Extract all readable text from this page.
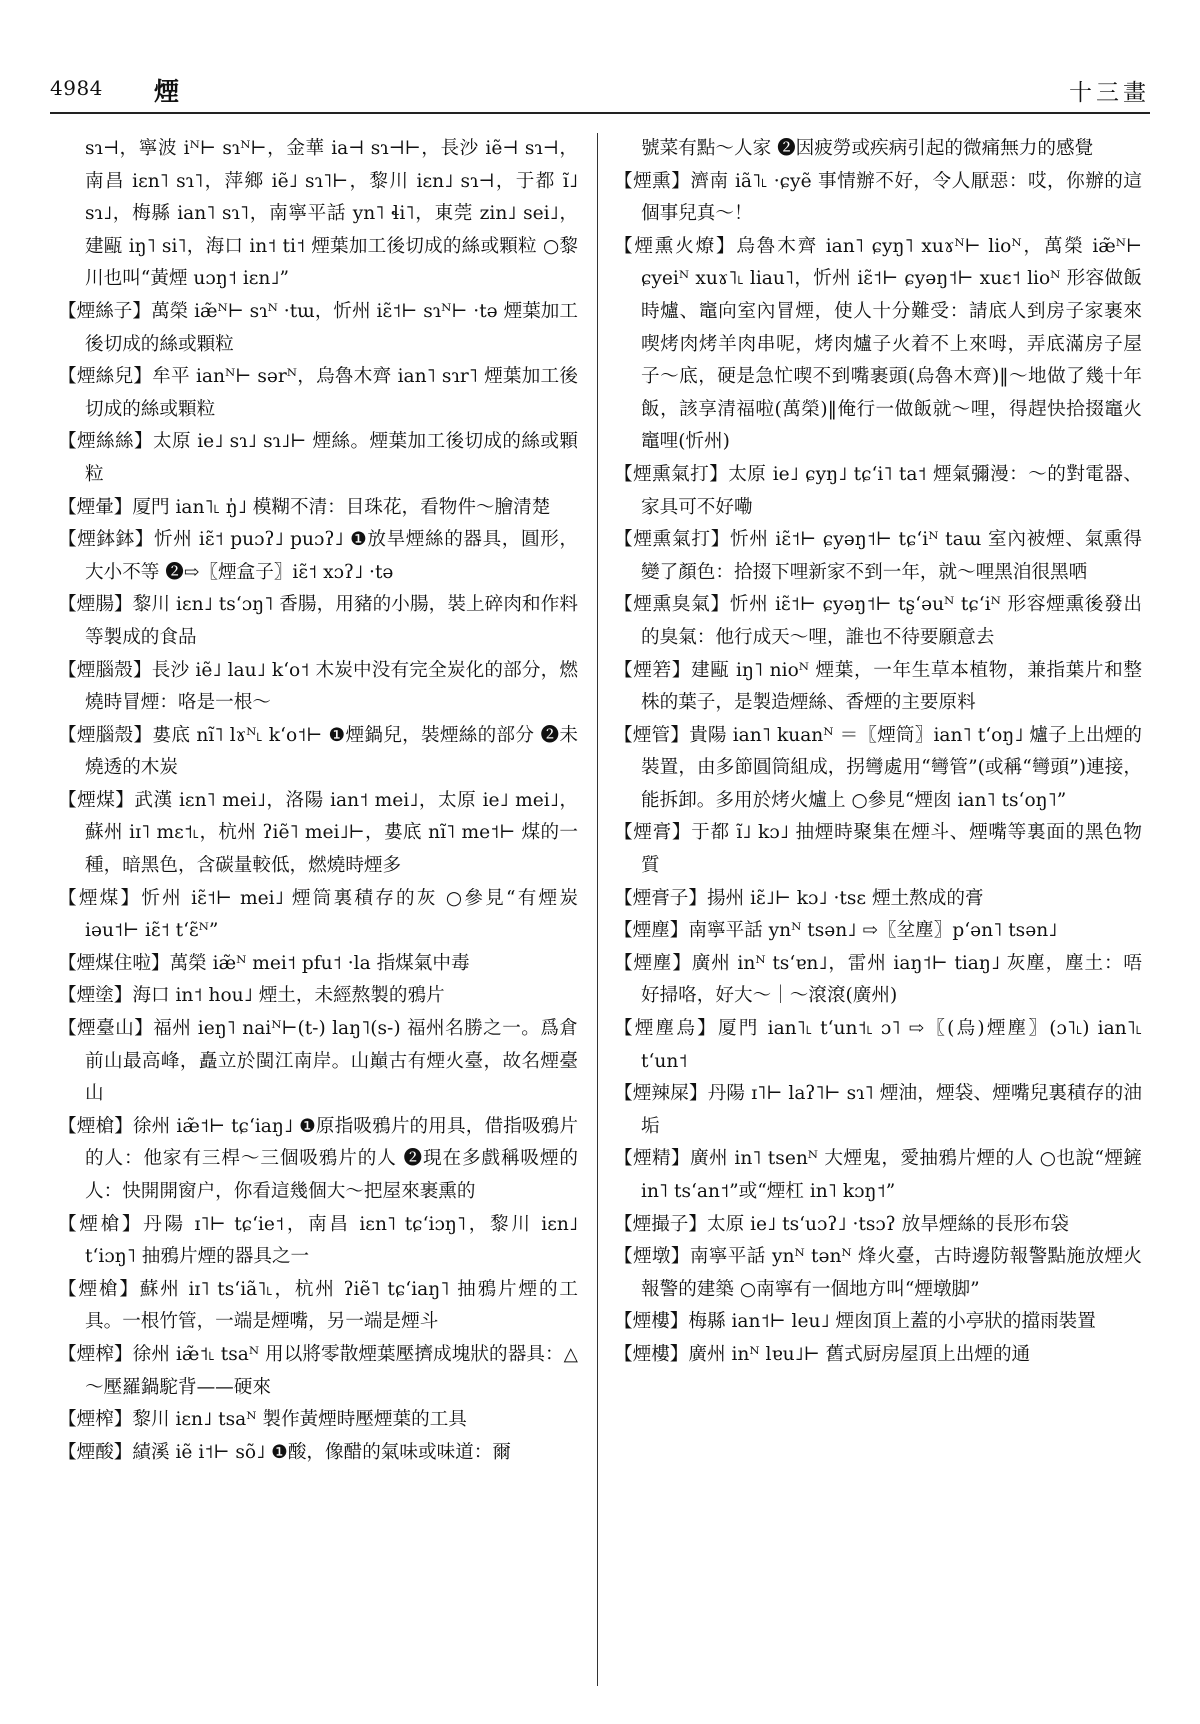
4984 煙	十三畫
sɿ⊣，寧波 iᴺ⊢ sɿᴺ⊢，金華 ia⊣ sɿ⊣⊢，長沙 iẽ⊣ sɿ⊣，南昌 iɛn˥ sɿ˥，萍鄉 iẽ˩ sɿ˥⊢，黎川 iɛn˩ sɿ⊣，于都 ĩ˩ sɿ˩，梅縣 ian˥ sɿ˥，南寧平話 yn˥ ɬi˥，東莞 zin˩ sei˩，建甌 iŋ˥ si˥，海口 in˦ ti˦ 煙葉加工後切成的絲或顆粒 ○黎川也叫“黃煙 uɔŋ˦ iɛn˩”
【煙絲子】萬榮 iæ̃ᴺ⊢ sɿᴺ ·tɯ，忻州 iɛ̃˦⊢ sɿᴺ⊢ ·tə 煙葉加工後切成的絲或顆粒
【煙絲兒】牟平 ianᴺ⊢ sərᴺ，烏魯木齊 ian˥ sɿr˥ 煙葉加工後切成的絲或顆粒
【煙絲絲】太原 ie˩ sɿ˩ sɿ˩⊢ 煙絲。煙葉加工後切成的絲或顆粒
【煙暈】厦門 ian˥˪ ŋ̍˩ 模糊不清：目珠花，看物件～膾清楚
【煙鉢鉢】忻州 iɛ̃˦ puɔʔ˩ puɔʔ˩ ❶放旱煙絲的器具，圓形，大小不等 ❷⇨〖煙盒子〗iɛ̃˦ xɔʔ˩ ·tə
【煙腸】黎川 iɛn˩ tsʻɔŋ˥ 香腸，用豬的小腸，裝上碎肉和作料等製成的食品
【煙腦殼】長沙 iẽ˩ lau˩ kʻo˦ 木炭中没有完全炭化的部分，燃燒時冒煙：咯是一根～
【煙腦殼】婁底 nĩ˥ lɤᴺ˪ kʻo˦⊢ ❶煙鍋兒，裝煙絲的部分 ❷未燒透的木炭
【煙煤】武漢 iɛn˥ mei˩，洛陽 ian˦ mei˩，太原 ie˩ mei˩，蘇州 iɪ˥ mɛ˦˪，杭州 ʔiẽ˥ mei˩⊢，婁底 nĩ˥ me˦⊢ 煤的一種，暗黑色，含碳量較低，燃燒時煙多
【煙煤】忻州 iɛ̃˦⊢ mei˩ 煙筒裏積存的灰 ○參見“有煙炭 iəu˦⊢ iɛ̃˦ tʻɛ̃ᴺ”
【煙煤住啦】萬榮 iæ̃ᴺ mei˦ pfu˦ ·la 指煤氣中毒
【煙塗】海口 in˦ hou˩ 煙土，未經熬製的鴉片
【煙臺山】福州 ieŋ˥ naiᴺ⊢(t-) laŋ˥(s-) 福州名勝之一。爲倉前山最高峰，矗立於閩江南岸。山巔古有煙火臺，故名煙臺山
【煙槍】徐州 iæ̃˦⊢ tɕʻiaŋ˩ ❶原指吸鴉片的用具，借指吸鴉片的人：他家有三桿～三個吸鴉片的人 ❷現在多戲稱吸煙的人：快開開窗户，你看這幾個大～把屋來裹熏的
【煙槍】丹陽 ɪ˥⊢ tɕʻie˦，南昌 iɛn˥ tɕʻiɔŋ˥，黎川 iɛn˩ tʻiɔŋ˥ 抽鴉片煙的器具之一
【煙槍】蘇州 iɪ˥ tsʻiã˥˪，杭州 ʔiẽ˥ tɕʻiaŋ˥ 抽鴉片煙的工具。一根竹管，一端是煙嘴，另一端是煙斗
【煙榨】徐州 iæ̃˦˪ tsaᴺ 用以將零散煙葉壓擠成塊狀的器具：△～壓羅鍋駝背——硬來
【煙榨】黎川 iɛn˩ tsaᴺ 製作黃煙時壓煙葉的工具
【煙酸】績溪 iẽ i˦⊢ sõ˩ ❶酸，像醋的氣味或味道：爾
號菜有點～人家 ❷因疲勞或疾病引起的微痛無力的感覺
【煙熏】濟南 iã˥˪ ·ɕyẽ 事情辦不好，令人厭惡：哎，你辦的這個事兒真～！
【煙熏火燎】烏魯木齊 ian˥ ɕyŋ˥ xuɤᴺ⊢ lioᴺ，萬榮 iæ̃ᴺ⊢ ɕyeiᴺ xuɤ˥˪ liau˥，忻州 iɛ̃˦⊢ ɕyəŋ˦⊢ xuɛ˦ lioᴺ 形容做飯時爐、竈向室內冒煙，使人十分難受：請底人到房子家裹來喫烤肉烤羊肉串呢，烤肉爐子火着不上來呣，弄底滿房子屋子～底，硬是急忙喫不到嘴裹頭(烏魯木齊)‖～地做了幾十年飯，該享清福啦(萬榮)‖俺行一做飯就～哩，得趕快拾掇竈火竈哩(忻州)
【煙熏氣打】太原 ie˩ ɕyŋ˩ tɕʻi˥ ta˦ 煙氣彌漫：～的對電器、家具可不好嘞
【煙熏氣打】忻州 iɛ̃˦⊢ ɕyəŋ˦⊢ tɕʻiᴺ taɯ 室內被煙、氣熏得變了顏色：拾掇下哩新家不到一年，就～哩黑洎很黑哂
【煙熏臭氣】忻州 iɛ̃˦⊢ ɕyəŋ˦⊢ tʂʻəuᴺ tɕʻiᴺ 形容煙熏後發出的臭氣：他行成天～哩，誰也不待要願意去
【煙箬】建甌 iŋ˥ nioᴺ 煙葉，一年生草本植物，兼指葉片和整株的葉子，是製造煙絲、香煙的主要原料
【煙管】貴陽 ian˥ kuanᴺ ＝〖煙筒〗ian˥ tʻoŋ˩ 爐子上出煙的裝置，由多節圓筒組成，拐彎處用“彎管”(或稱“彎頭”)連接，能拆卸。多用於烤火爐上 ○參見“煙囱 ian˥ tsʻoŋ˥”
【煙膏】于都 ĩ˩ kɔ˩ 抽煙時聚集在煙斗、煙嘴等裏面的黑色物質
【煙膏子】揚州 iɛ̃˩⊢ kɔ˩ ·tsɛ 煙土熬成的膏
【煙塵】南寧平話 ynᴺ tsən˩ ⇨〖坌塵〗pʻən˥ tsən˩
【煙塵】廣州 inᴺ tsʻɐn˩，雷州 iaŋ˦⊢ tiaŋ˩ 灰塵，塵土：唔好掃咯，好大～｜～滾滾(廣州)
【煙塵烏】厦門 ian˥˪ tʻun˦˪ ɔ˥ ⇨〖(烏)煙塵〗(ɔ˥˪) ian˥˪ tʻun˦
【煙辣屎】丹陽 ɪ˥⊢ laʔ˥⊢ sɿ˥ 煙油，煙袋、煙嘴兒裏積存的油垢
【煙精】廣州 in˥ tsenᴺ 大煙鬼，愛抽鴉片煙的人 ○也說“煙鏟 in˥ tsʻan˦”或“煙杠 in˥ kɔŋ˦”
【煙撮子】太原 ie˩ tsʻuɔʔ˩ ·tsɔʔ 放旱煙絲的長形布袋
【煙墩】南寧平話 ynᴺ tənᴺ 烽火臺，古時邊防報警點施放煙火報警的建築 ○南寧有一個地方叫“煙墩脚”
【煙樓】梅縣 ian˦⊢ leu˩ 煙囱頂上蓋的小亭狀的擋雨裝置
【煙樓】廣州 inᴺ lɐu˩⊢ 舊式厨房屋頂上出煙的通
